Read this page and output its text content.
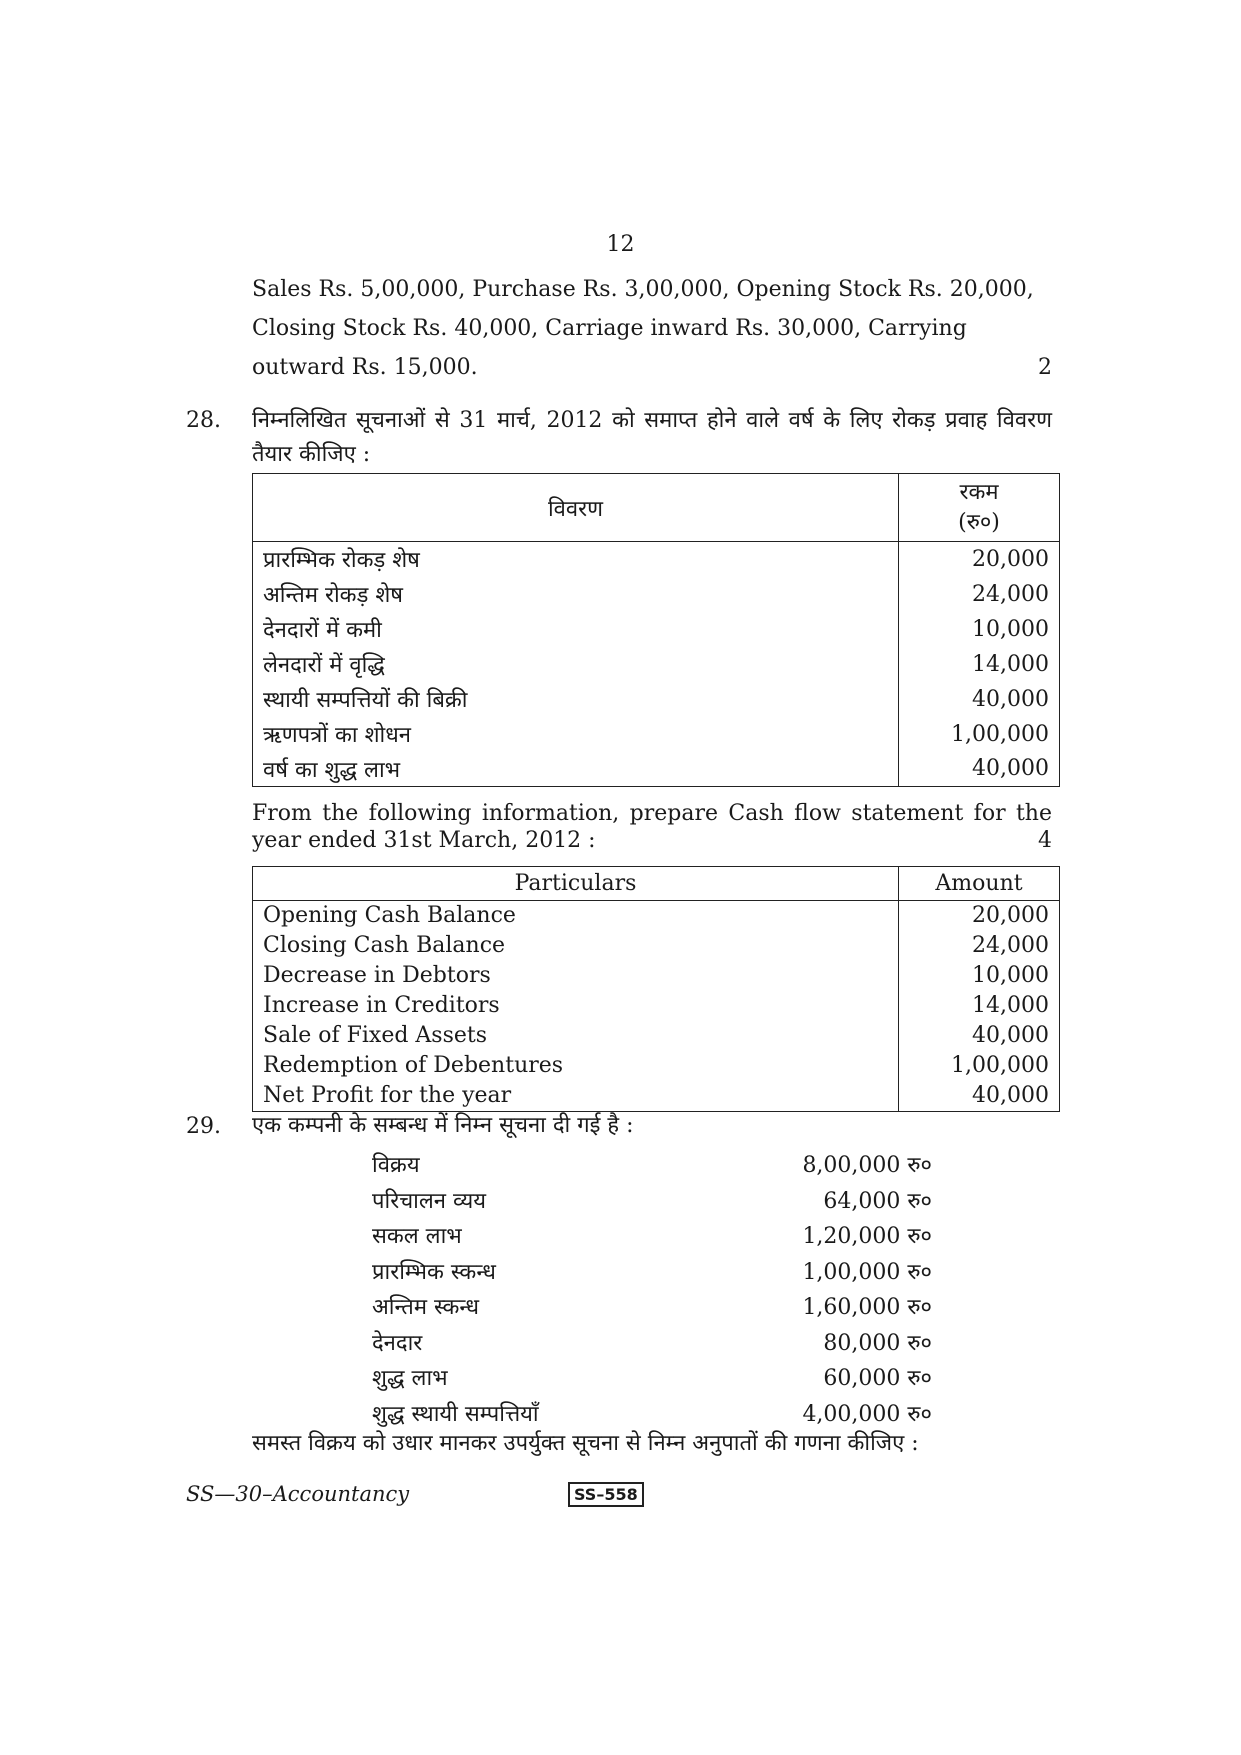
12
Sales Rs. 5,00,000, Purchase Rs. 3,00,000, Opening Stock Rs. 20,000,
Closing Stock Rs. 40,000, Carriage inward Rs. 30,000, Carrying
outward Rs. 15,000.	2
28. निम्नलिखित सूचनाओं से 31 मार्च, 2012 को समाप्त होने वाले वर्ष के लिए रोकड़ प्रवाह विवरण तैयार कीजिए :
विवरण	रकम
(रु०)

प्रारम्भिक रोकड़ शेष	20,000
अन्तिम रोकड़ शेष	24,000
देनदारों में कमी	10,000
लेनदारों में वृद्धि	14,000
स्थायी सम्पत्तियों की बिक्री	40,000
ऋणपत्रों का शोधन	1,00,000
वर्ष का शुद्ध लाभ	40,000
From the following information, prepare Cash flow statement for the
year ended 31st March, 2012 :	4
Particulars	Amount
Opening Cash Balance	20,000
Closing Cash Balance	24,000
Decrease in Debtors	10,000
Increase in Creditors	14,000
Sale of Fixed Assets	40,000
Redemption of Debentures	1,00,000
Net Profit for the year	40,000
29. एक कम्पनी के सम्बन्ध में निम्न सूचना दी गई है :
विक्रय	8,00,000 रु०
परिचालन व्यय	64,000 रु०
सकल लाभ	1,20,000 रु०
प्रारम्भिक स्कन्ध	1,00,000 रु०
अन्तिम स्कन्ध	1,60,000 रु०
देनदार	80,000 रु०
शुद्ध लाभ	60,000 रु०
शुद्ध स्थायी सम्पत्तियाँ	4,00,000 रु०
समस्त विक्रय को उधार मानकर उपर्युक्त सूचना से निम्न अनुपातों की गणना कीजिए :
SS—30–Accountancy	SS–558
